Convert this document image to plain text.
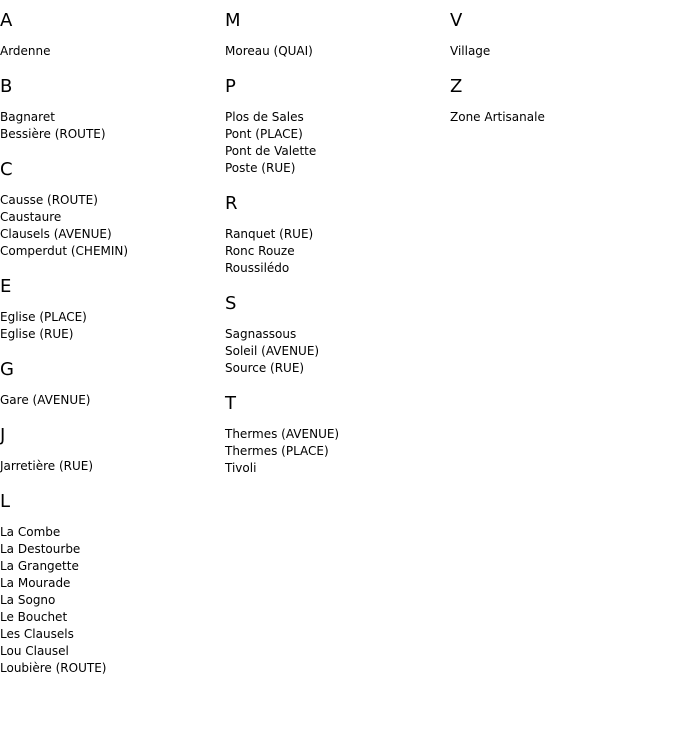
A
Ardenne
B
Bagnaret
Bessière (ROUTE)
C
Causse (ROUTE)
Caustaure
Clausels (AVENUE)
Comperdut (CHEMIN)
E
Eglise (PLACE)
Eglise (RUE)
G
Gare (AVENUE)
J
Jarretière (RUE)
L
La Combe
La Destourbe
La Grangette
La Mourade
La Sogno
Le Bouchet
Les Clausels
Lou Clausel
Loubière (ROUTE)
M
Moreau (QUAI)
P
Plos de Sales
Pont (PLACE)
Pont de Valette
Poste (RUE)
R
Ranquet (RUE)
Ronc Rouze
Roussilédo
S
Sagnassous
Soleil (AVENUE)
Source (RUE)
T
Thermes (AVENUE)
Thermes (PLACE)
Tivoli
V
Village
Z
Zone Artisanale
